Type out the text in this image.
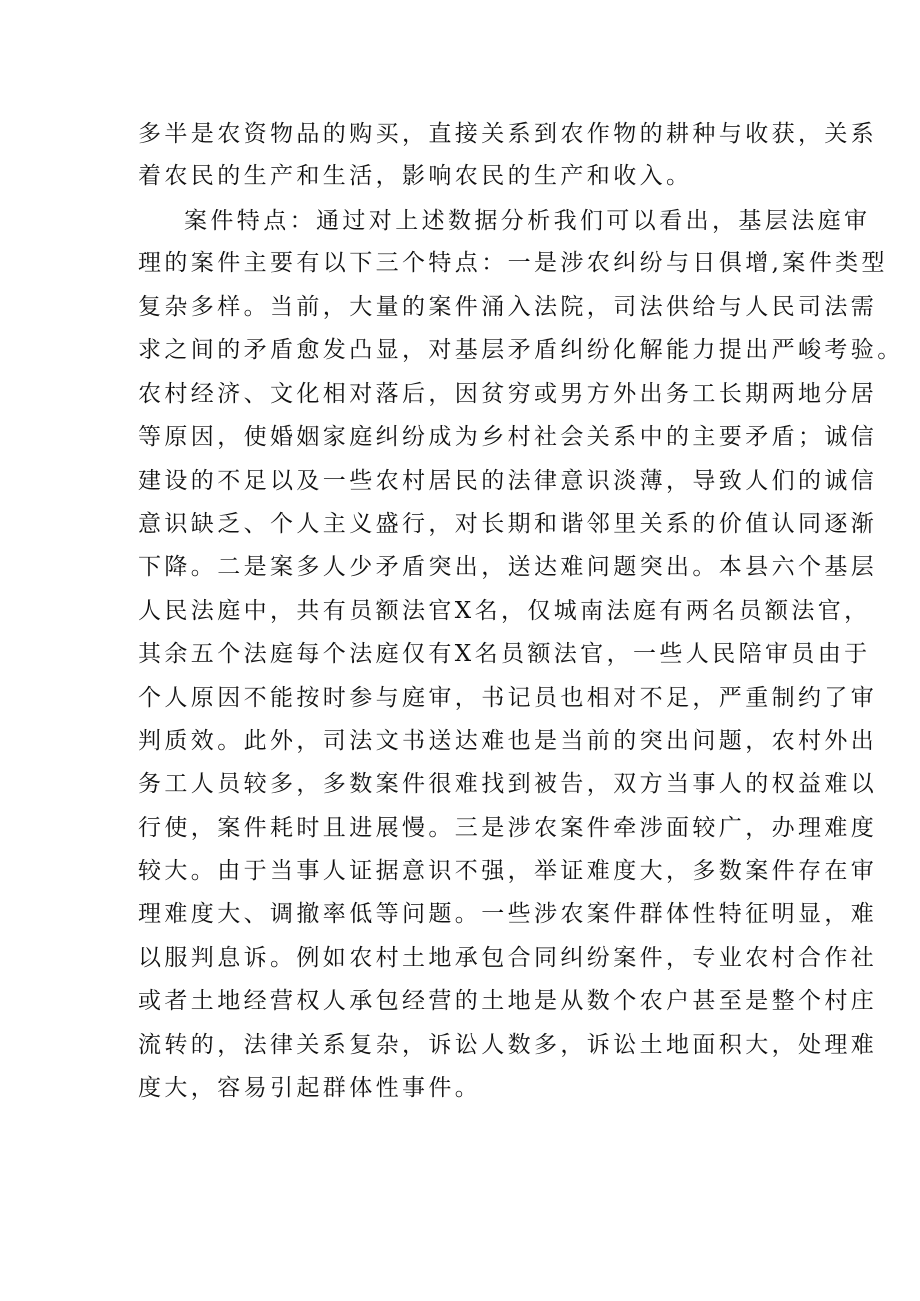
多半是农资物品的购买，直接关系到农作物的耕种与收获，关系
着农民的生产和生活，影响农民的生产和收入。
案件特点：通过对上述数据分析我们可以看出，基层法庭审
理的案件主要有以下三个特点：一是涉农纠纷与日俱增,案件类型
复杂多样。当前，大量的案件涌入法院，司法供给与人民司法需
求之间的矛盾愈发凸显，对基层矛盾纠纷化解能力提出严峻考验。
农村经济、文化相对落后，因贫穷或男方外出务工长期两地分居
等原因，使婚姻家庭纠纷成为乡村社会关系中的主要矛盾；诚信
建设的不足以及一些农村居民的法律意识淡薄，导致人们的诚信
意识缺乏、个人主义盛行，对长期和谐邻里关系的价值认同逐渐
下降。二是案多人少矛盾突出，送达难问题突出。本县六个基层
人民法庭中，共有员额法官X名，仅城南法庭有两名员额法官，
其余五个法庭每个法庭仅有X名员额法官，一些人民陪审员由于
个人原因不能按时参与庭审，书记员也相对不足，严重制约了审
判质效。此外，司法文书送达难也是当前的突出问题，农村外出
务工人员较多，多数案件很难找到被告，双方当事人的权益难以
行使，案件耗时且进展慢。三是涉农案件牵涉面较广，办理难度
较大。由于当事人证据意识不强，举证难度大，多数案件存在审
理难度大、调撤率低等问题。一些涉农案件群体性特征明显，难
以服判息诉。例如农村土地承包合同纠纷案件，专业农村合作社
或者土地经营权人承包经营的土地是从数个农户甚至是整个村庄
流转的，法律关系复杂，诉讼人数多，诉讼土地面积大，处理难
度大，容易引起群体性事件。
